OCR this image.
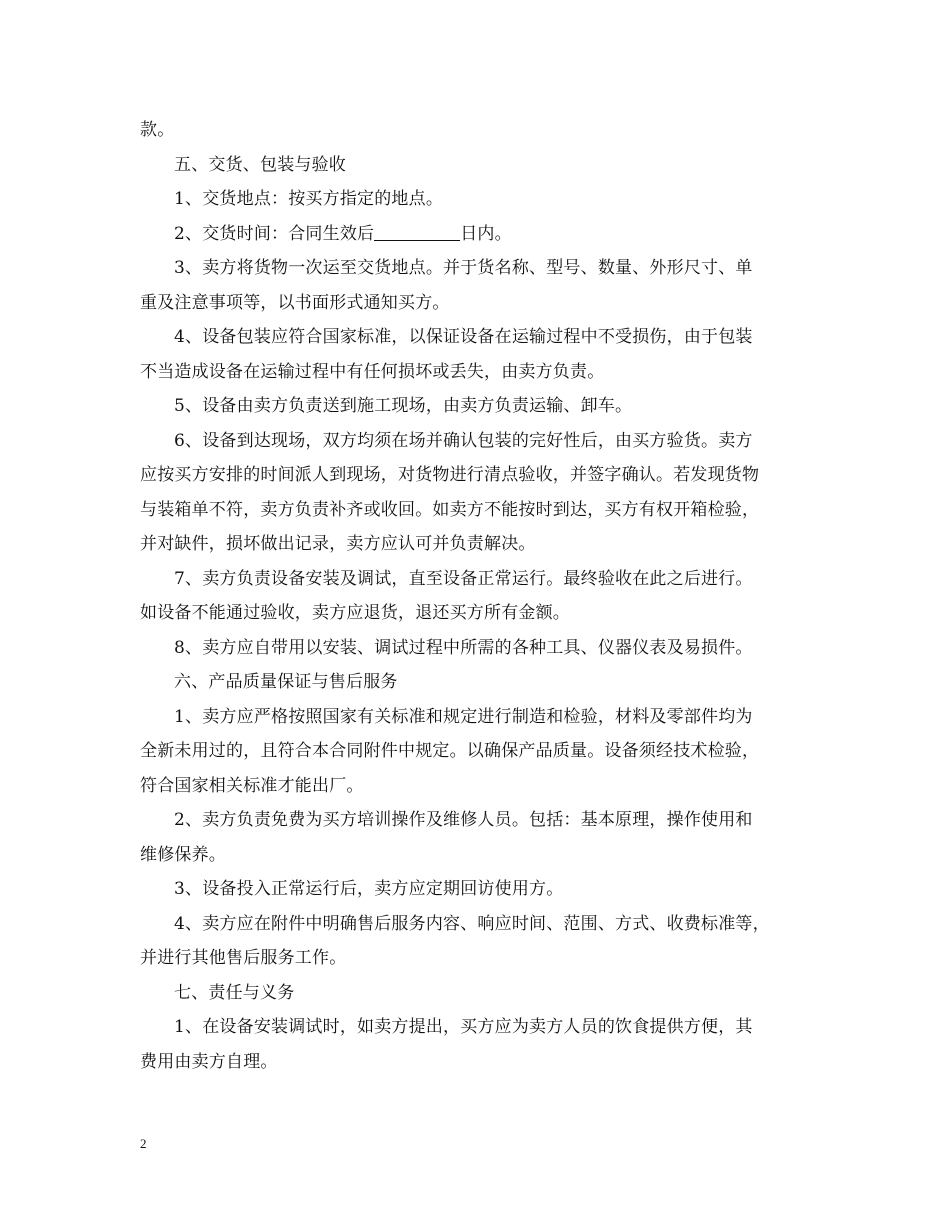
款。
五、交货、包装与验收
1、交货地点：按买方指定的地点。
2、交货时间：合同生效后	日内。
3、卖方将货物一次运至交货地点。并于货名称、型号、数量、外形尺寸、单
重及注意事项等，以书面形式通知买方。
4、设备包装应符合国家标准，以保证设备在运输过程中不受损伤，由于包装
不当造成设备在运输过程中有任何损坏或丢失，由卖方负责。
5、设备由卖方负责送到施工现场，由卖方负责运输、卸车。
6、设备到达现场，双方均须在场并确认包装的完好性后，由买方验货。卖方
应按买方安排的时间派人到现场，对货物进行清点验收，并签字确认。若发现货物
与装箱单不符，卖方负责补齐或收回。如卖方不能按时到达，买方有权开箱检验，
并对缺件，损坏做出记录，卖方应认可并负责解决。
7、卖方负责设备安装及调试，直至设备正常运行。最终验收在此之后进行。
如设备不能通过验收，卖方应退货，退还买方所有金额。
8、卖方应自带用以安装、调试过程中所需的各种工具、仪器仪表及易损件。
六、产品质量保证与售后服务
1、卖方应严格按照国家有关标准和规定进行制造和检验，材料及零部件均为
全新未用过的，且符合本合同附件中规定。以确保产品质量。设备须经技术检验，
符合国家相关标准才能出厂。
2、卖方负责免费为买方培训操作及维修人员。包括：基本原理，操作使用和
维修保养。
3、设备投入正常运行后，卖方应定期回访使用方。
4、卖方应在附件中明确售后服务内容、响应时间、范围、方式、收费标准等，
并进行其他售后服务工作。
七、责任与义务
1、在设备安装调试时，如卖方提出，买方应为卖方人员的饮食提供方便，其
费用由卖方自理。
2
